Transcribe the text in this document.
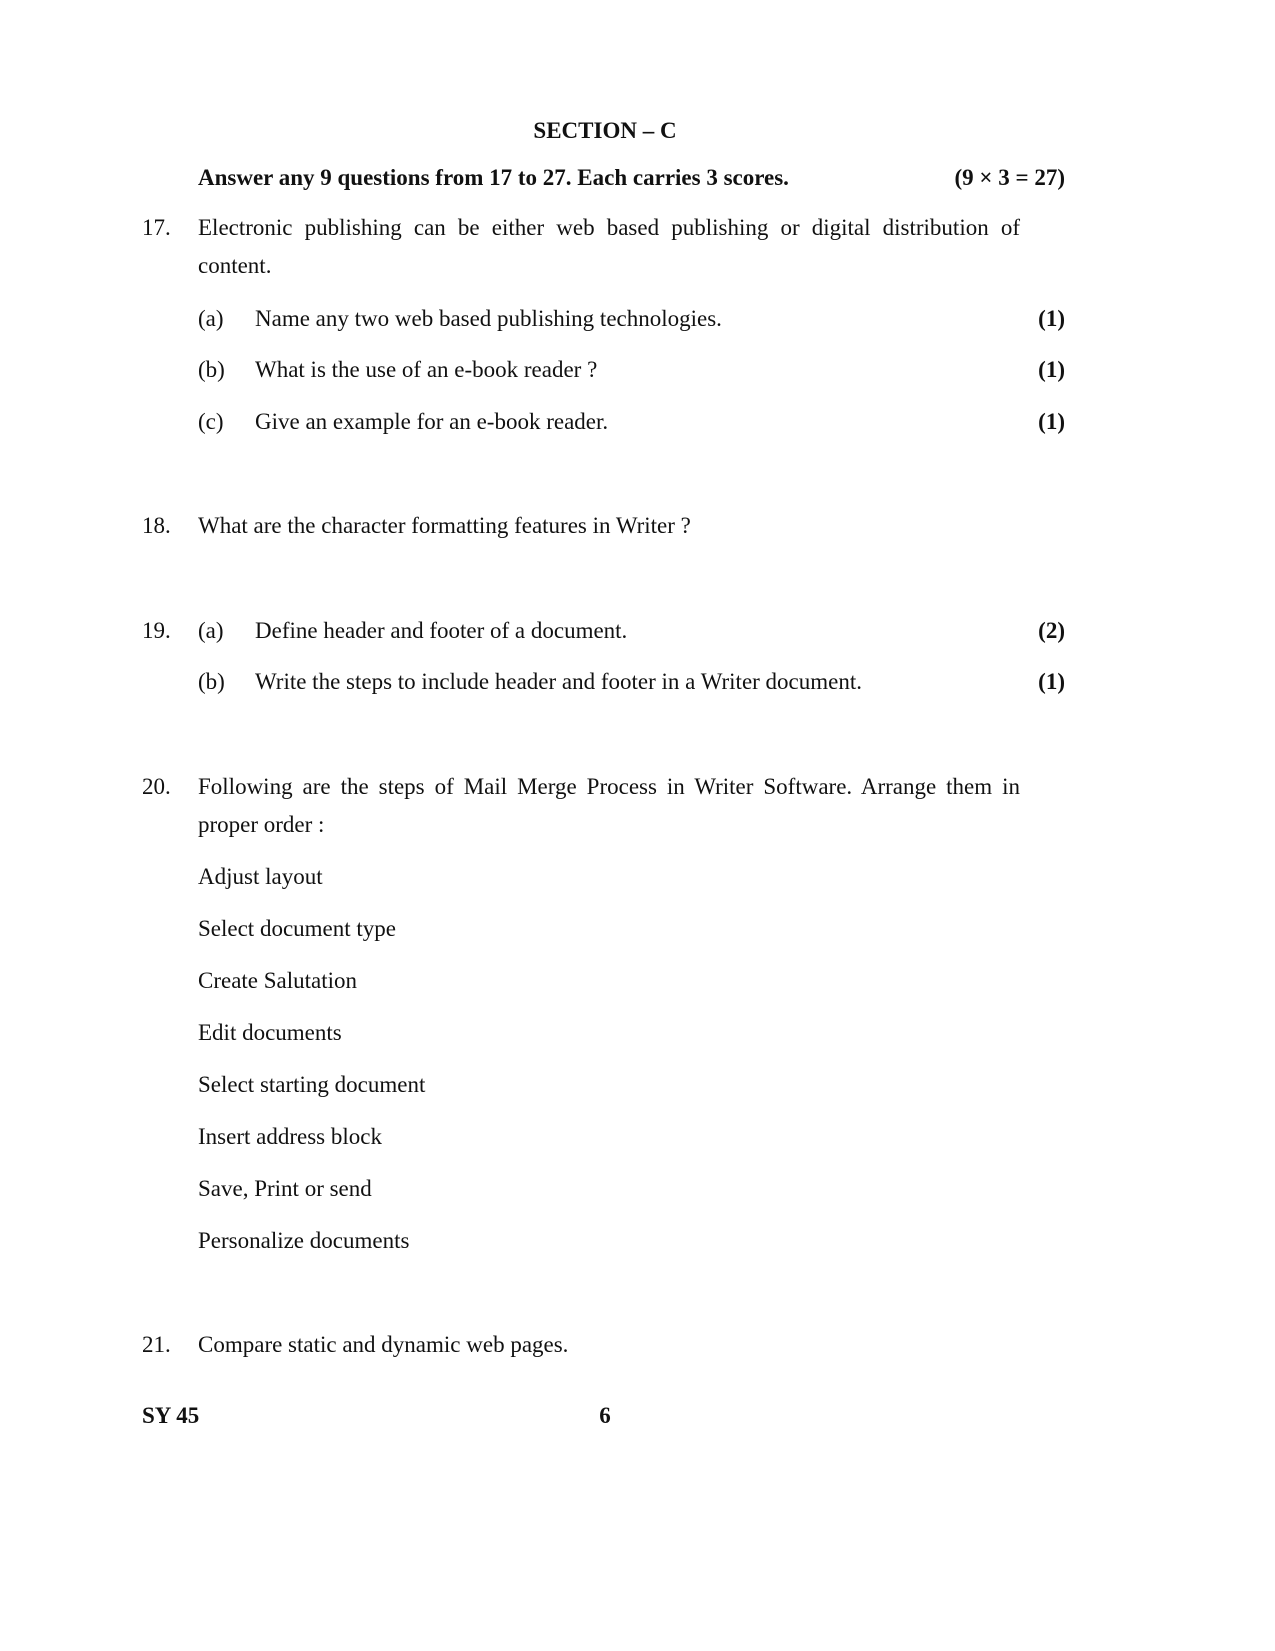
SECTION – C
Answer any 9 questions from 17 to 27. Each carries 3 scores.	(9 × 3 = 27)
17. Electronic publishing can be either web based publishing or digital distribution of
content.
(a) Name any two web based publishing technologies.	(1)
(b) What is the use of an e-book reader ?	(1)
(c) Give an example for an e-book reader.	(1)
18. What are the character formatting features in Writer ?
19. (a) Define header and footer of a document.	(2)
(b) Write the steps to include header and footer in a Writer document.	(1)
20. Following are the steps of Mail Merge Process in Writer Software. Arrange them in
proper order :
Adjust layout
Select document type
Create Salutation
Edit documents
Select starting document
Insert address block
Save, Print or send
Personalize documents
21. Compare static and dynamic web pages.
SY 45	6
